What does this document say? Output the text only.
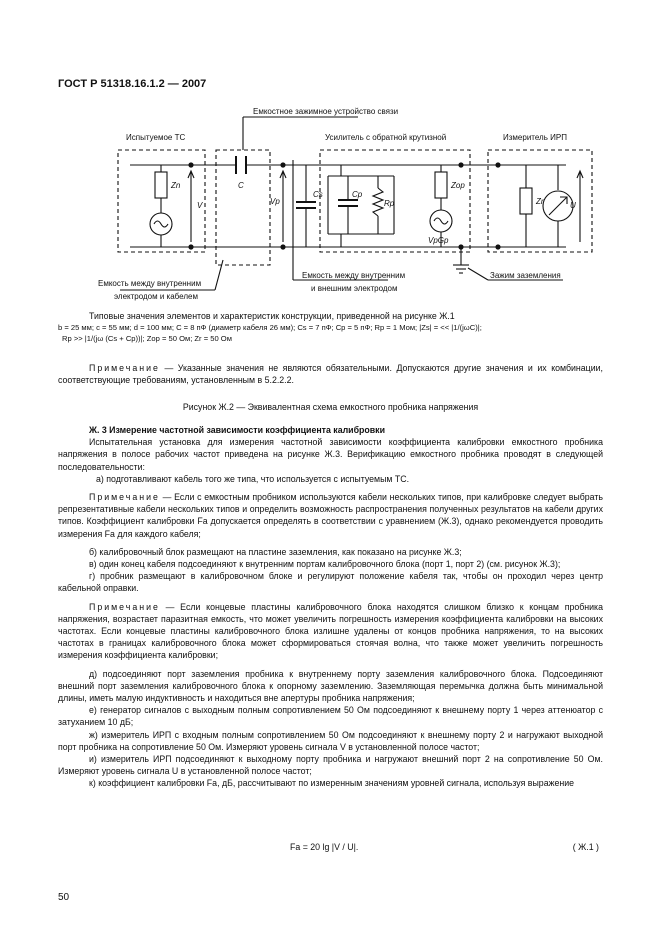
ГОСТ Р 51318.16.1.2 — 2007
Емкостное зажимное устройство связи
Испытуемое ТС	Усилитель с обратной крутизной	Измеритель ИРП
Zn
V
C
Vp
Cs	Cp
Rp
Zop
VpGp
Zr	U
Емкость между внутренним
электродом и кабелем
Емкость между внутренним
и внешним электродом
Зажим заземления

Типовые значения элементов и характеристик конструкции, приведенной на рисунке Ж.1

b = 25 мм; c = 55 мм; d = 100 мм; C = 8 пФ (диаметр кабеля 26 мм); Cs = 7 пФ; Cp = 5 пФ; Rp = 1 Мом; |Zs| = << |1/(jωC)|;

Rp >> |1/(jω (Cs + Cp))|; Zop = 50 Ом; Zr = 50 Ом

Примечание — Указанные значения не являются обязательными. Допускаются другие значения и их комбинации, соответствующие требованиям, установленным в 5.2.2.2.

Рисунок Ж.2 — Эквивалентная схема емкостного пробника напряжения

Ж. 3 Измерение частотной зависимости коэффициента калибровки

Испытательная установка для измерения частотной зависимости коэффициента калибровки емкостного пробника напряжения в полосе рабочих частот приведена на рисунке Ж.3. Верификацию емкостного пробника проводят в следующей последовательности:

а) подготавливают кабель того же типа, что используется с испытуемым ТС.

Примечание — Если с емкостным пробником используются кабели нескольких типов, при калибровке следует выбрать репрезентативные кабели нескольких типов и определить возможность распространения полученных результатов на кабели других типов. Коэффициент калибровки Fa допускается определять в соответствии с уравнением (Ж.3), однако рекомендуется проводить измерения Fa для каждого кабеля;

б) калибровочный блок размещают на пластине заземления, как показано на рисунке Ж.3;

в) один конец кабеля подсоединяют к внутренним портам калибровочного блока (порт 1, порт 2) (см. рисунок Ж.3);

г) пробник размещают в калибровочном блоке и регулируют положение кабеля так, чтобы он проходил через центр кабельной оправки.

Примечание — Если концевые пластины калибровочного блока находятся слишком близко к концам пробника напряжения, возрастает паразитная емкость, что может увеличить погрешность измерения коэффициента калибровки на высоких частотах. Если концевые пластины калибровочного блока излишне удалены от концов пробника напряжения, то на высоких частотах в границах калибровочного блока может сформироваться стоячая волна, что также может увеличить погрешность измерения коэффициента калибровки;

д) подсоединяют порт заземления пробника к внутреннему порту заземления калибровочного блока. Подсоединяют внешний порт заземления калибровочного блока к опорному заземлению. Заземляющая перемычка должна быть минимальной длины, иметь малую индуктивность и находиться вне апертуры пробника напряжения;

е) генератор сигналов с выходным полным сопротивлением 50 Ом подсоединяют к внешнему порту 1 через аттенюатор с затуханием 10 дБ;

ж) измеритель ИРП с входным полным сопротивлением 50 Ом подсоединяют к внешнему порту 2 и нагружают выходной порт пробника на сопротивление 50 Ом. Измеряют уровень сигнала V в установленной полосе частот;

и) измеритель ИРП подсоединяют к выходному порту пробника и нагружают внешний порт 2 на сопротивление 50 Ом. Измеряют уровень сигнала U в установленной полосе частот;

к) коэффициент калибровки Fa, дБ, рассчитывают по измеренным значениям уровней сигнала, используя выражение

Fa = 20 lg |V / U|.	( Ж.1 )
50
